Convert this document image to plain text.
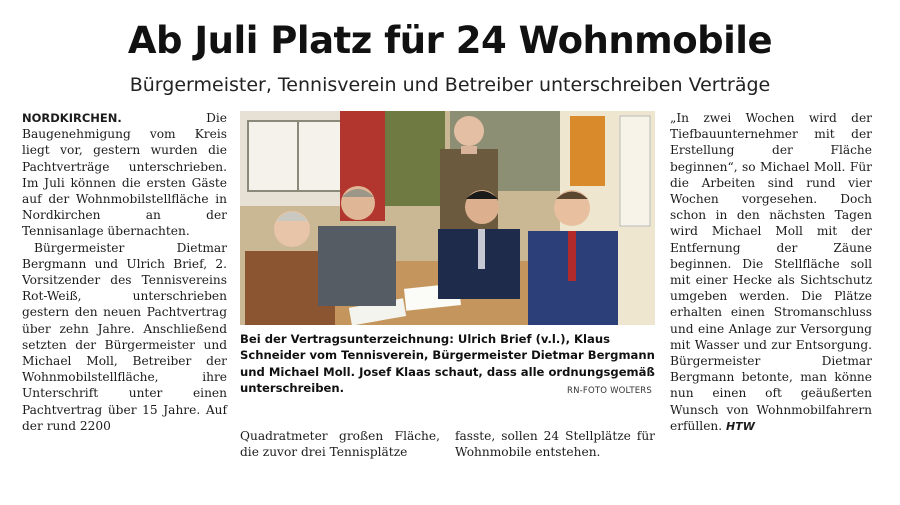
Ab Juli Platz für 24 Wohnmobile
Bürgermeister, Tennisverein und Betreiber unterschreiben Verträge

NORDKIRCHEN.	Die Baugenehmigung vom Kreis liegt vor, gestern wurden die Pachtverträge unterschrieben. Im Juli können die ersten Gäste auf der Wohnmobilstellfläche in Nordkirchen an der Tennisanlage übernachten.

Bürgermeister Dietmar Bergmann und Ulrich Brief, 2. Vorsitzender des Tennisvereins Rot-Weiß, unterschrieben gestern den neuen Pachtvertrag über zehn Jahre. Anschließend setzten der Bürgermeister und Michael Moll, Betreiber der Wohnmobilstellfläche, ihre Unterschrift unter einen Pachtvertrag über 15 Jahre. Auf der rund 2200

Bei der Vertragsunterzeichnung: Ulrich Brief (v.l.), Klaus Schneider vom Tennisverein, Bürgermeister Dietmar Bergmann und Michael Moll. Josef Klaas schaut, dass alle ordnungsgemäß unterschreiben.	RN-FOTO WOLTERS
Quadratmeter großen Fläche, die zuvor drei Tennisplätze
fasste, sollen 24 Stellplätze für Wohnmobile entstehen.

„In zwei Wochen wird der Tiefbauunternehmer mit der Erstellung der Fläche beginnen“, so Michael Moll. Für die Arbeiten sind rund vier Wochen vorgesehen. Doch schon in den nächsten Tagen wird Michael Moll mit der Entfernung der Zäune beginnen. Die Stellfläche soll mit einer Hecke als Sichtschutz umgeben werden. Die Plätze erhalten einen Stromanschluss und eine Anlage zur Versorgung mit Wasser und zur Entsorgung. Bürgermeister Dietmar Bergmann betonte, man könne nun einen oft geäußerten Wunsch von Wohnmobilfahrern erfüllen. HTW
